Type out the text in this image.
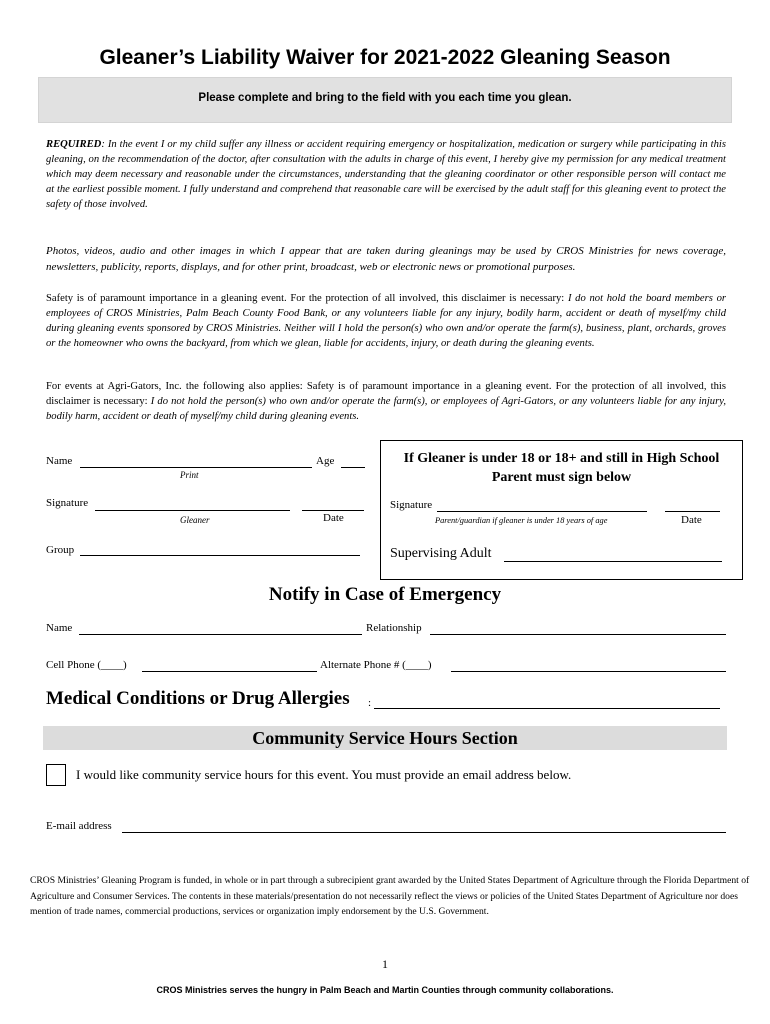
Gleaner’s Liability Waiver for 2021-2022 Gleaning Season
Please complete and bring to the field with you each time you glean.
REQUIRED: In the event I or my child suffer any illness or accident requiring emergency or hospitalization, medication or surgery while participating in this gleaning, on the recommendation of the doctor, after consultation with the adults in charge of this event, I hereby give my permission for any medical treatment which may deem necessary and reasonable under the circumstances, understanding that the gleaning coordinator or other responsible person will contact me at the earliest possible moment. I fully understand and comprehend that reasonable care will be exercised by the adult staff for this gleaning event to protect the safety of those involved.
Photos, videos, audio and other images in which I appear that are taken during gleanings may be used by CROS Ministries for news coverage, newsletters, publicity, reports, displays, and for other print, broadcast, web or electronic news or promotional purposes.
Safety is of paramount importance in a gleaning event. For the protection of all involved, this disclaimer is necessary: I do not hold the board members or employees of CROS Ministries, Palm Beach County Food Bank, or any volunteers liable for any injury, bodily harm, accident or death of myself/my child during gleaning events sponsored by CROS Ministries. Neither will I hold the person(s) who own and/or operate the farm(s), business, plant, orchards, groves or the homeowner who owns the backyard, from which we glean, liable for accidents, injury, or death during the gleaning events.
For events at Agri-Gators, Inc. the following also applies: Safety is of paramount importance in a gleaning event. For the protection of all involved, this disclaimer is necessary: I do not hold the person(s) who own and/or operate the farm(s), or employees of Agri-Gators, or any volunteers liable for any injury, bodily harm, accident or death of myself/my child during gleaning events.
Name	Age
Print
Signature
Gleaner	Date
Group
If Gleaner is under 18 or 18+ and still in High School
Parent must sign below
Signature
Parent/guardian if gleaner is under 18 years of age	Date
Supervising Adult
Notify in Case of Emergency
Name	Relationship
Cell Phone (____)	Alternate Phone # (____)
Medical Conditions or Drug Allergies :
Community Service Hours Section
I would like community service hours for this event. You must provide an email address below.
E-mail address
CROS Ministries’ Gleaning Program is funded, in whole or in part through a subrecipient grant awarded by the United States Department of Agriculture through the Florida Department of Agriculture and Consumer Services. The contents in these materials/presentation do not necessarily reflect the views or policies of the United States Department of Agriculture nor does mention of trade names, commercial productions, services or organization imply endorsement by the U.S. Government.
1
CROS Ministries serves the hungry in Palm Beach and Martin Counties through community collaborations.
